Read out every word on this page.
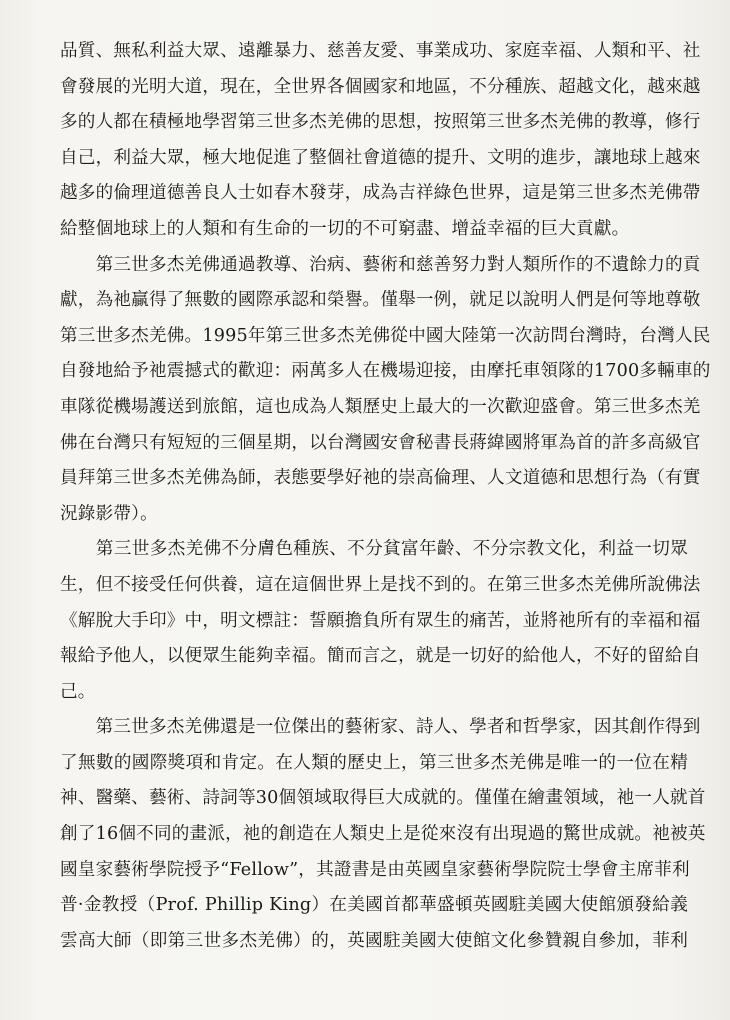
品質、無私利益大眾、遠離暴力、慈善友愛、事業成功、家庭幸福、人類和平、社
會發展的光明大道，現在，全世界各個國家和地區，不分種族、超越文化，越來越
多的人都在積極地學習第三世多杰羌佛的思想，按照第三世多杰羌佛的教導，修行
自己，利益大眾，極大地促進了整個社會道德的提升、文明的進步，讓地球上越來
越多的倫理道德善良人士如春木發芽，成為吉祥綠色世界，這是第三世多杰羌佛帶
給整個地球上的人類和有生命的一切的不可窮盡、增益幸福的巨大貢獻。
　　第三世多杰羌佛通過教導、治病、藝術和慈善努力對人類所作的不遺餘力的貢
獻，為祂贏得了無數的國際承認和榮譽。僅舉一例，就足以說明人們是何等地尊敬
第三世多杰羌佛。1995年第三世多杰羌佛從中國大陸第一次訪問台灣時，台灣人民
自發地給予祂震撼式的歡迎：兩萬多人在機場迎接，由摩托車領隊的1700多輛車的
車隊從機場護送到旅館，這也成為人類歷史上最大的一次歡迎盛會。第三世多杰羌
佛在台灣只有短短的三個星期，以台灣國安會秘書長蔣緯國將軍為首的許多高級官
員拜第三世多杰羌佛為師，表態要學好祂的崇高倫理、人文道德和思想行為（有實
況錄影帶）。
　　第三世多杰羌佛不分膚色種族、不分貧富年齡、不分宗教文化，利益一切眾
生，但不接受任何供養，這在這個世界上是找不到的。在第三世多杰羌佛所說佛法
《解脫大手印》中，明文標註：誓願擔負所有眾生的痛苦，並將祂所有的幸福和福
報給予他人，以便眾生能夠幸福。簡而言之，就是一切好的給他人，不好的留給自
己。
　　第三世多杰羌佛還是一位傑出的藝術家、詩人、學者和哲學家，因其創作得到
了無數的國際獎項和肯定。在人類的歷史上，第三世多杰羌佛是唯一的一位在精
神、醫藥、藝術、詩詞等30個領域取得巨大成就的。僅僅在繪畫領域，祂一人就首
創了16個不同的畫派，祂的創造在人類史上是從來沒有出現過的驚世成就。祂被英
國皇家藝術學院授予“Fellow”，其證書是由英國皇家藝術學院院士學會主席菲利
普·金教授（Prof. Phillip King）在美國首都華盛頓英國駐美國大使館頒發給義
雲高大師（即第三世多杰羌佛）的，英國駐美國大使館文化參贊親自參加，菲利
